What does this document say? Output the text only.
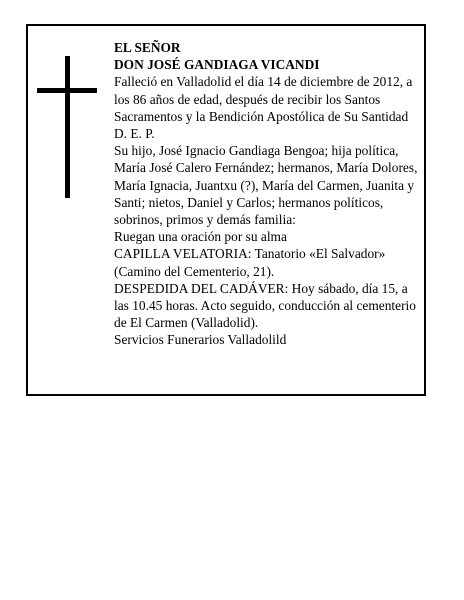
EL SEÑOR

DON JOSÉ GANDIAGA VICANDI

Falleció en Valladolid el día 14 de diciembre de 2012, a los 86 años de edad, después de recibir los Santos Sacramentos y la Bendición Apostólica de Su Santidad D. E. P.

Su hijo, José Ignacio Gandiaga Bengoa; hija política, María José Calero Fernández; hermanos, María Dolores, María Ignacia, Juantxu (?), María del Carmen, Juanita y Santi; nietos, Daniel y Carlos; hermanos políticos, sobrinos, primos y demás familia:

Ruegan una oración por su alma

CAPILLA VELATORIA: Tanatorio «El Salvador» (Camino del Cementerio, 21).

DESPEDIDA DEL CADÁVER: Hoy sábado, día 15, a las 10.45 horas. Acto seguido, conducción al cementerio de El Carmen (Valladolid).

Servicios Funerarios Valladolild
